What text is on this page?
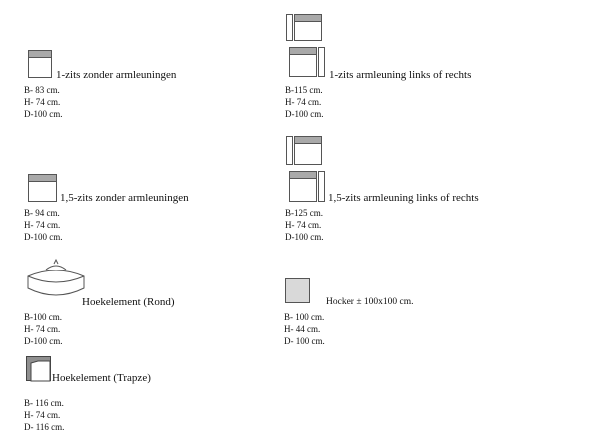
1-zits zonder armleuningen
B- 83 cm.
H- 74 cm.
D-100 cm.
1-zits armleuning links of rechts
B-115 cm.
H- 74 cm.
D-100 cm.
1,5-zits zonder armleuningen
B- 94 cm.
H- 74 cm.
D-100 cm.
1,5-zits armleuning links of rechts
B-125 cm.
H- 74 cm.
D-100 cm.
Hoekelement (Rond)
B-100 cm.
H- 74 cm.
D-100 cm.
Hocker ± 100x100 cm.
B- 100 cm.
H- 44 cm.
D- 100 cm.
Hoekelement (Trapze)
B- 116 cm.
H- 74 cm.
D- 116 cm.
